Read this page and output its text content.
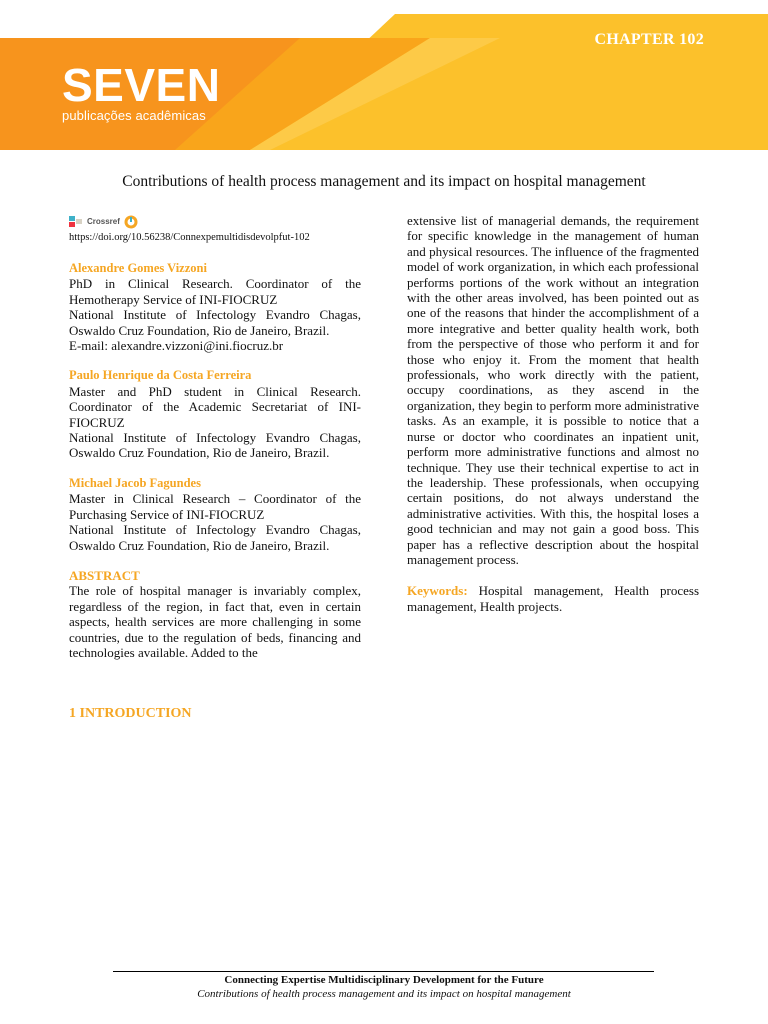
CHAPTER 102
SEVEN
publicações acadêmicas
Contributions of health process management and its impact on hospital management
Crossref
https://doi.org/10.56238/Connexpemultidisdevolpfut-102
Alexandre Gomes Vizzoni

PhD in Clinical Research. Coordinator of the Hemotherapy Service of INI-FIOCRUZ

National Institute of Infectology Evandro Chagas, Oswaldo Cruz Foundation, Rio de Janeiro, Brazil.

E-mail: alexandre.vizzoni@ini.fiocruz.br

Paulo Henrique da Costa Ferreira

Master and PhD student in Clinical Research. Coordinator of the Academic Secretariat of INI-FIOCRUZ

National Institute of Infectology Evandro Chagas, Oswaldo Cruz Foundation, Rio de Janeiro, Brazil.

Michael Jacob Fagundes

Master in Clinical Research – Coordinator of the Purchasing Service of INI-FIOCRUZ

National Institute of Infectology Evandro Chagas, Oswaldo Cruz Foundation, Rio de Janeiro, Brazil.

ABSTRACT

The role of hospital manager is invariably complex, regardless of the region, in fact that, even in certain aspects, health services are more challenging in some countries, due to the regulation of beds, financing and technologies available. Added to the

extensive list of managerial demands, the requirement for specific knowledge in the management of human and physical resources. The influence of the fragmented model of work organization, in which each professional performs portions of the work without an integration with the other areas involved, has been pointed out as one of the reasons that hinder the accomplishment of a more integrative and better quality health work, both from the perspective of those who perform it and for those who enjoy it. From the moment that health professionals, who work directly with the patient, occupy coordinations, as they ascend in the organization, they begin to perform more administrative tasks. As an example, it is possible to notice that a nurse or doctor who coordinates an inpatient unit, perform more administrative functions and almost no technique. They use their technical expertise to act in the leadership. These professionals, when occupying certain positions, do not always understand the administrative activities. With this, the hospital loses a good technician and may not gain a good boss. This paper has a reflective description about the hospital management process.

Keywords: Hospital management, Health process management, Health projects.

1 INTRODUCTION
Connecting Expertise Multidisciplinary Development for the Future
Contributions of health process management and its impact on hospital management
